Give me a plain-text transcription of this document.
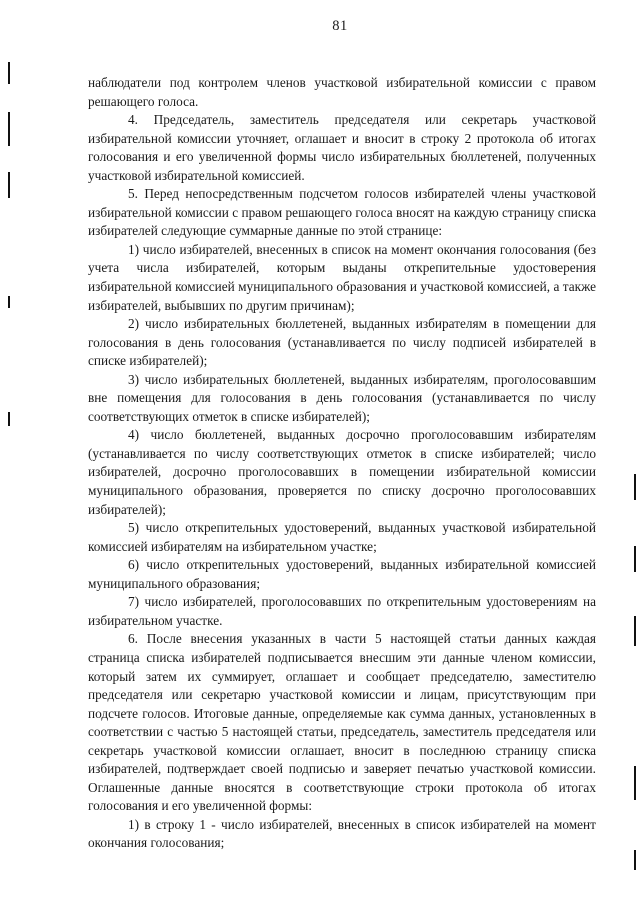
81

наблюдатели под контролем членов участковой избирательной комиссии с правом решающего голоса.

4. Председатель, заместитель председателя или секретарь участковой избирательной комиссии уточняет, оглашает и вносит в строку 2 протокола об итогах голосования и его увеличенной формы число избирательных бюллетеней, полученных участковой избирательной комиссией.

5. Перед непосредственным подсчетом голосов избирателей члены участковой избирательной комиссии с правом решающего голоса вносят на каждую страницу списка избирателей следующие суммарные данные по этой странице:

1) число избирателей, внесенных в список на момент окончания голосования (без учета числа избирателей, которым выданы открепительные удостоверения избирательной комиссией муниципального образования и участковой комиссией, а также избирателей, выбывших по другим причинам);

2) число избирательных бюллетеней, выданных избирателям в помещении для голосования в день голосования (устанавливается по числу подписей избирателей в списке избирателей);

3) число избирательных бюллетеней, выданных избирателям, проголосовавшим вне помещения для голосования в день голосования (устанавливается по числу соответствующих отметок в списке избирателей);

4) число бюллетеней, выданных досрочно проголосовавшим избирателям (устанавливается по числу соответствующих отметок в списке избирателей; число избирателей, досрочно проголосовавших в помещении избирательной комиссии муниципального образования, проверяется по списку досрочно проголосовавших избирателей);

5) число открепительных удостоверений, выданных участковой избирательной комиссией избирателям на избирательном участке;

6) число открепительных удостоверений, выданных избирательной комиссией муниципального образования;

7) число избирателей, проголосовавших по открепительным удостоверениям на избирательном участке.

6. После внесения указанных в части 5 настоящей статьи данных каждая страница списка избирателей подписывается внесшим эти данные членом комиссии, который затем их суммирует, оглашает и сообщает председателю, заместителю председателя или секретарю участковой комиссии и лицам, присутствующим при подсчете голосов. Итоговые данные, определяемые как сумма данных, установленных в соответствии с частью 5 настоящей статьи, председатель, заместитель председателя или секретарь участковой комиссии оглашает, вносит в последнюю страницу списка избирателей, подтверждает своей подписью и заверяет печатью участковой комиссии. Оглашенные данные вносятся в соответствующие строки протокола об итогах голосования и его увеличенной формы:

1) в строку 1 - число избирателей, внесенных в список избирателей на момент окончания голосования;
